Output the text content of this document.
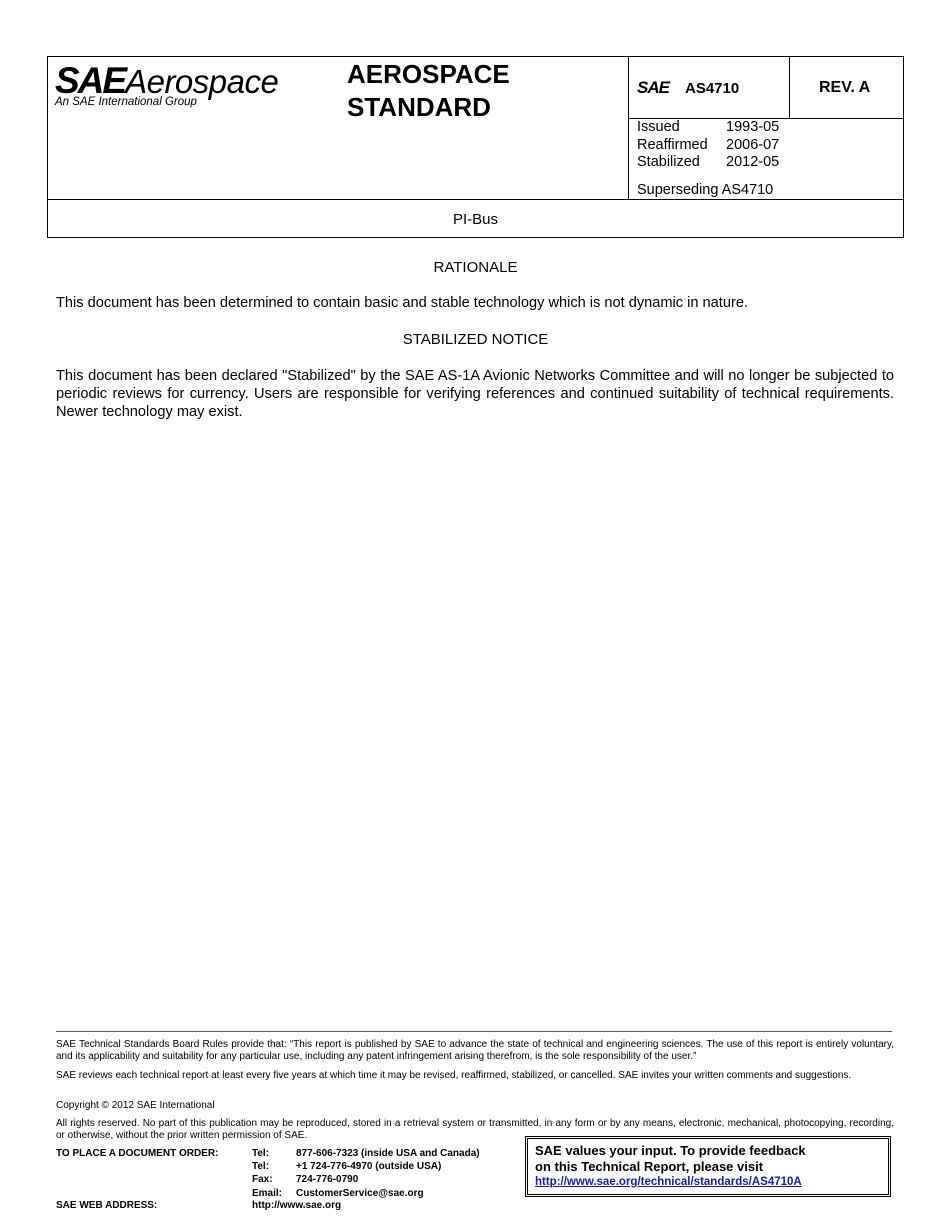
SAEAerospace
An SAE International Group
AEROSPACE
STANDARD
SAE AS4710	REV. A
Issued	1993-05
Reaffirmed 2006-07
Stabilized 2012-05
Superseding AS4710
PI-Bus
RATIONALE
This document has been determined to contain basic and stable technology which is not dynamic in nature.
STABILIZED NOTICE
This document has been declared "Stabilized" by the SAE AS-1A Avionic Networks Committee and will no longer be subjected to periodic reviews for currency. Users are responsible for verifying references and continued suitability of technical requirements. Newer technology may exist.
SAE Technical Standards Board Rules provide that: “This report is published by SAE to advance the state of technical and engineering sciences. The use of this report is entirely voluntary, and its applicability and suitability for any particular use, including any patent infringement arising therefrom, is the sole responsibility of the user.”
SAE reviews each technical report at least every five years at which time it may be revised, reaffirmed, stabilized, or cancelled. SAE invites your written comments and suggestions.
Copyright © 2012 SAE International
All rights reserved. No part of this publication may be reproduced, stored in a retrieval system or transmitted, in any form or by any means, electronic, mechanical, photocopying, recording, or otherwise, without the prior written permission of SAE.
TO PLACE A DOCUMENT ORDER:	Tel:	877-606-7323 (inside USA and Canada)
Tel:	+1 724-776-4970 (outside USA)
Fax: 724-776-0790
Email: CustomerService@sae.org
SAE WEB ADDRESS:	http://www.sae.org
SAE values your input. To provide feedback
on this Technical Report, please visit
http://www.sae.org/technical/standards/AS4710A
